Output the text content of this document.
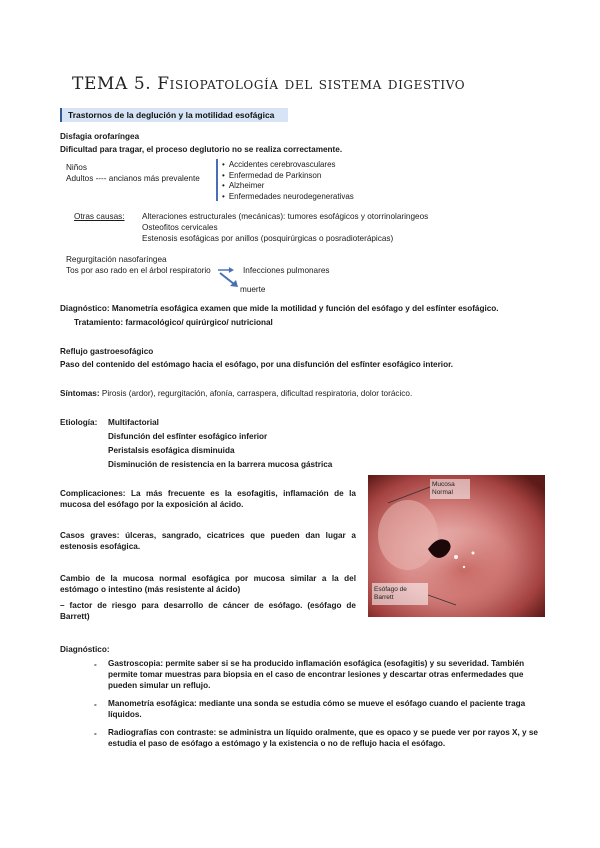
TEMA 5. Fisiopatología del sistema digestivo
Trastornos de la deglución y la motilidad esofágica
Disfagia orofaríngea
Dificultad para tragar, el proceso deglutorio no se realiza correctamente.
Niños
Adultos ---- ancianos más prevalente
• Accidentes cerebrovasculares
• Enfermedad de Parkinson
• Alzheimer
• Enfermedades neurodegenerativas
Otras causas: Alteraciones estructurales (mecánicas): tumores esofágicos y otorrinolaringeos
Osteofitos cervicales
Estenosis esofágicas por anillos (posquirúrgicas o posradioterápicas)
Regurgitación nasofaríngea
Tos por aso rado en el árbol respiratorio	Infecciones pulmonares
muerte
Diagnóstico: Manometría esofágica examen que mide la motilidad y función del esófago y del esfínter esofágico.
Tratamiento: farmacológico/ quirúrgico/ nutricional
Reflujo gastroesofágico
Paso del contenido del estómago hacia el esófago, por una disfunción del esfínter esofágico interior.
Síntomas: Pirosis (ardor), regurgitación, afonía, carraspera, dificultad respiratoria, dolor torácico.
Etiología: Multifactorial
Disfunción del esfínter esofágico inferior
Peristalsis esofágica disminuida
Disminución de resistencia en la barrera mucosa gástrica
Complicaciones: La más frecuente es la esofagitis, inflamación de la mucosa del esófago por la exposición al ácido.
Casos graves: úlceras, sangrado, cicatrices que pueden dan lugar a estenosis esofágica.
Cambio de la mucosa normal esofágica por mucosa similar a la del estómago o intestino (más resistente al ácido)
– factor de riesgo para desarrollo de cáncer de esófago. (esófago de Barrett)
Mucosa Normal
Esófago de Barrett
Diagnóstico:
- Gastroscopia: permite saber si se ha producido inflamación esofágica (esofagitis) y su severidad. También permite tomar muestras para biopsia en el caso de encontrar lesiones y descartar otras enfermedades que pueden simular un reflujo.
- Manometría esofágica: mediante una sonda se estudia cómo se mueve el esófago cuando el paciente traga líquidos.
- Radiografías con contraste: se administra un líquido oralmente, que es opaco y se puede ver por rayos X, y se estudia el paso de esófago a estómago y la existencia o no de reflujo hacia el esófago.
